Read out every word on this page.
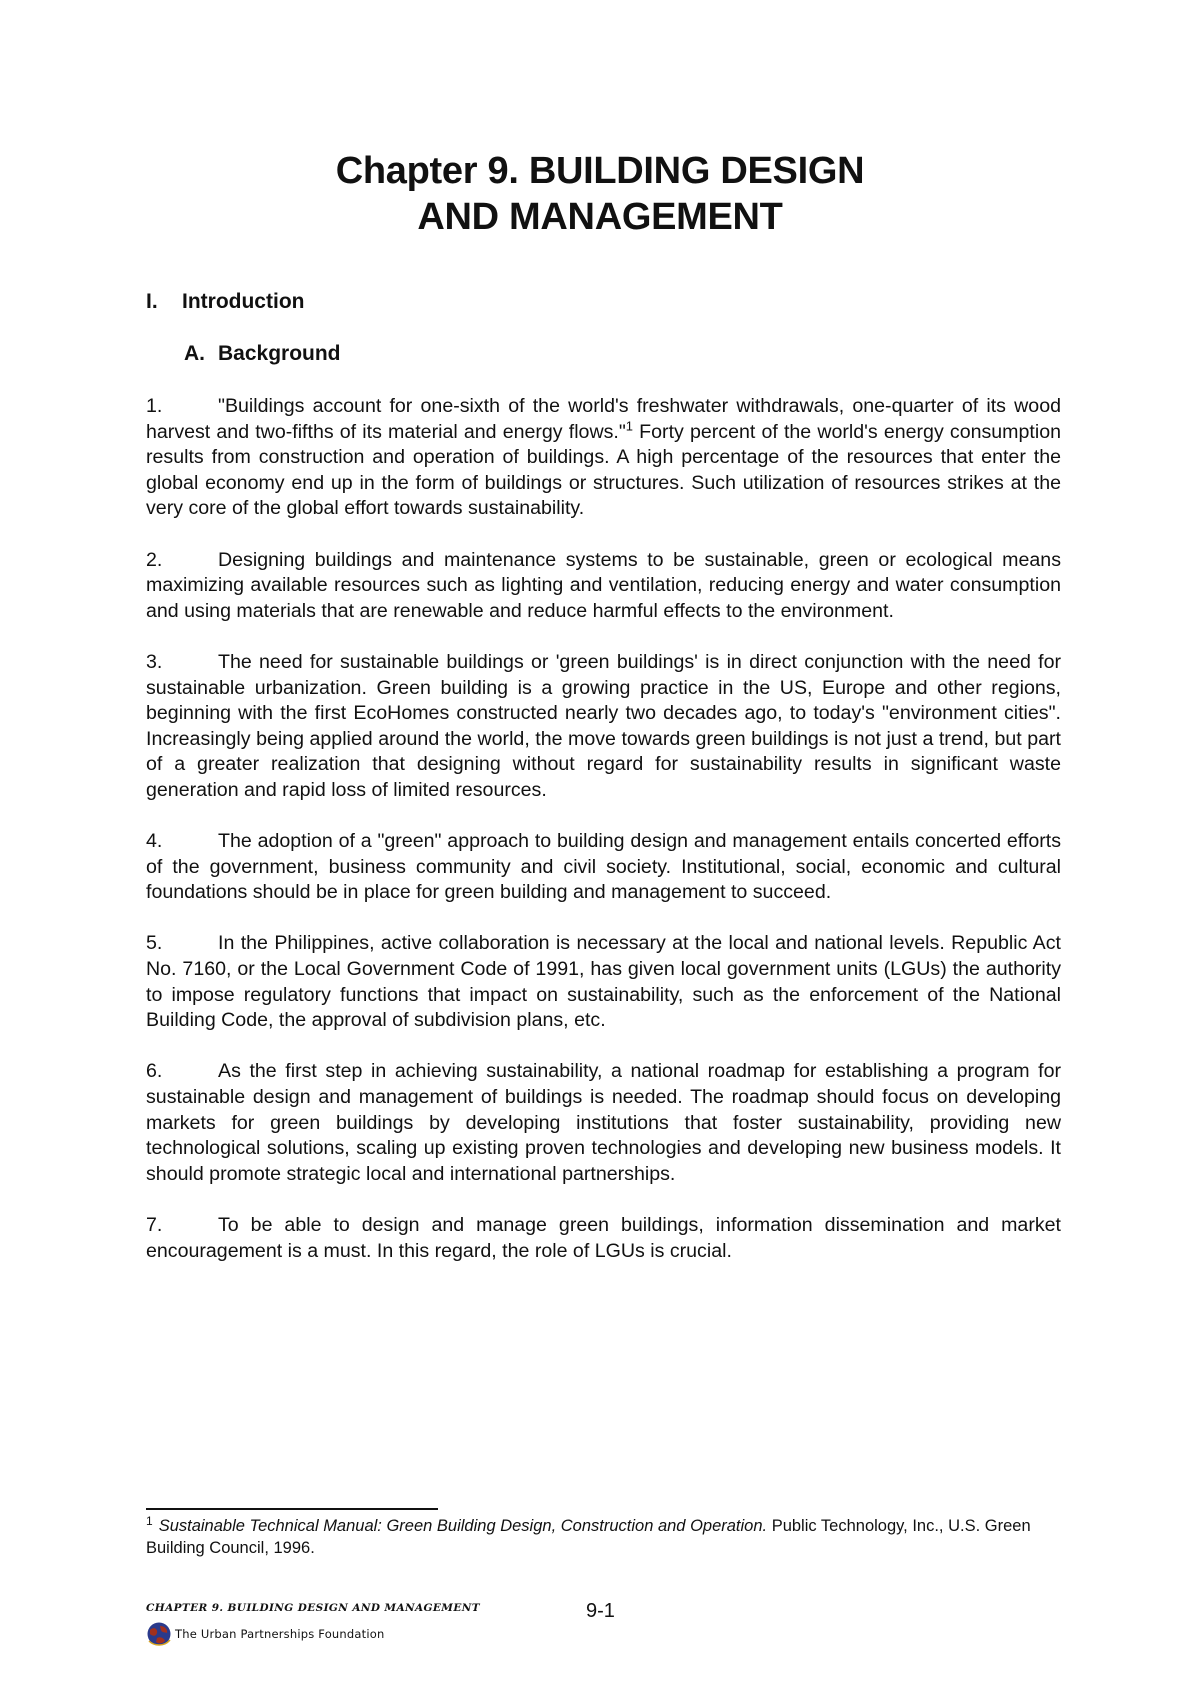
Chapter 9. BUILDING DESIGN
AND MANAGEMENT
I. Introduction
A. Background

1.	"Buildings account for one-sixth of the world's freshwater withdrawals, one-quarter of its wood harvest and two-fifths of its material and energy flows."$^1$ Forty percent of the world's energy consumption results from construction and operation of buildings. A high percentage of the resources that enter the global economy end up in the form of buildings or structures. Such utilization of resources strikes at the very core of the global effort towards sustainability.

2.	Designing buildings and maintenance systems to be sustainable, green or ecological means maximizing available resources such as lighting and ventilation, reducing energy and water consumption and using materials that are renewable and reduce harmful effects to the environment.

3.	The need for sustainable buildings or 'green buildings' is in direct conjunction with the need for sustainable urbanization. Green building is a growing practice in the US, Europe and other regions, beginning with the first EcoHomes constructed nearly two decades ago, to today's "environment cities". Increasingly being applied around the world, the move towards green buildings is not just a trend, but part of a greater realization that designing without regard for sustainability results in significant waste generation and rapid loss of limited resources.

4.	The adoption of a "green" approach to building design and management entails concerted efforts of the government, business community and civil society. Institutional, social, economic and cultural foundations should be in place for green building and management to succeed.

5.	In the Philippines, active collaboration is necessary at the local and national levels. Republic Act No. 7160, or the Local Government Code of 1991, has given local government units (LGUs) the authority to impose regulatory functions that impact on sustainability, such as the enforcement of the National Building Code, the approval of subdivision plans, etc.

6.	As the first step in achieving sustainability, a national roadmap for establishing a program for sustainable design and management of buildings is needed. The roadmap should focus on developing markets for green buildings by developing institutions that foster sustainability, providing new technological solutions, scaling up existing proven technologies and developing new business models. It should promote strategic local and international partnerships.

7.	To be able to design and manage green buildings, information dissemination and market encouragement is a must. In this regard, the role of LGUs is crucial.

$^1$ Sustainable Technical Manual: Green Building Design, Construction and Operation. Public Technology, Inc., U.S. Green Building Council, 1996.
CHAPTER 9. BUILDING DESIGN AND MANAGEMENT
The Urban Partnerships Foundation
9-1
